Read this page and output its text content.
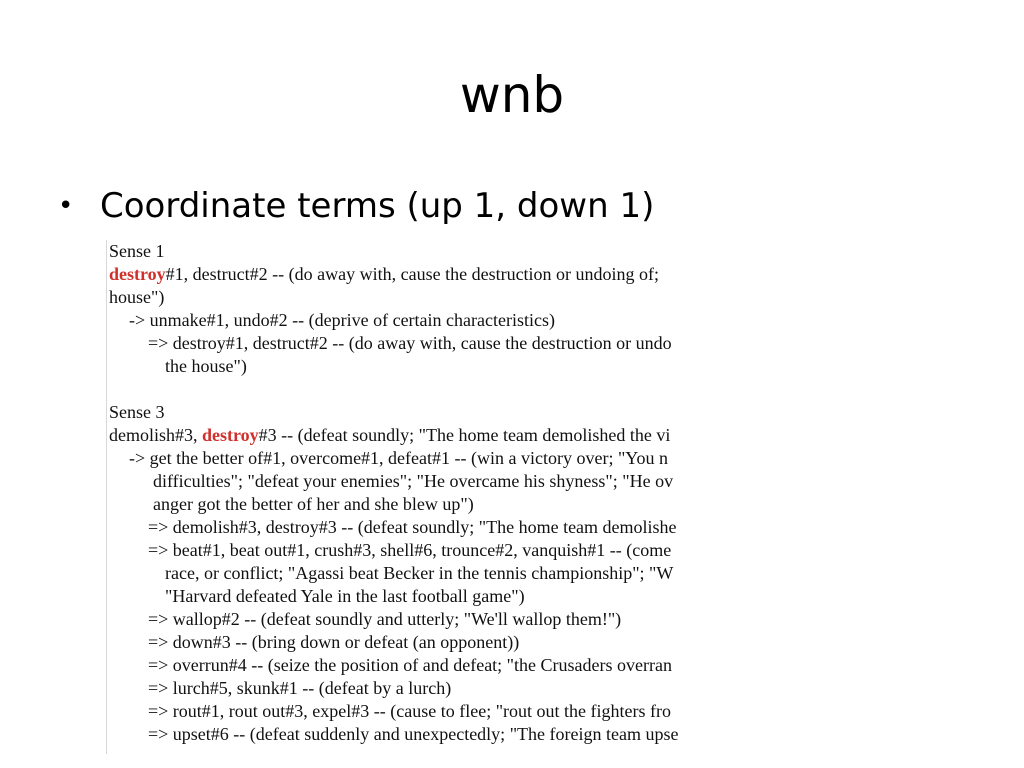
wnb
• Coordinate terms (up 1, down 1)
Sense 1
destroy#1, destruct#2 -- (do away with, cause the destruction or undoing of;
house")
-> unmake#1, undo#2 -- (deprive of certain characteristics)
=> destroy#1, destruct#2 -- (do away with, cause the destruction or undo
the house")
Sense 3
demolish#3, destroy#3 -- (defeat soundly; "The home team demolished the vi
-> get the better of#1, overcome#1, defeat#1 -- (win a victory over; "You n
difficulties"; "defeat your enemies"; "He overcame his shyness"; "He ov
anger got the better of her and she blew up")
=> demolish#3, destroy#3 -- (defeat soundly; "The home team demolishe
=> beat#1, beat out#1, crush#3, shell#6, trounce#2, vanquish#1 -- (come
race, or conflict; "Agassi beat Becker in the tennis championship"; "W
"Harvard defeated Yale in the last football game")
=> wallop#2 -- (defeat soundly and utterly; "We'll wallop them!")
=> down#3 -- (bring down or defeat (an opponent))
=> overrun#4 -- (seize the position of and defeat; "the Crusaders overran
=> lurch#5, skunk#1 -- (defeat by a lurch)
=> rout#1, rout out#3, expel#3 -- (cause to flee; "rout out the fighters fro
=> upset#6 -- (defeat suddenly and unexpectedly; "The foreign team upse
